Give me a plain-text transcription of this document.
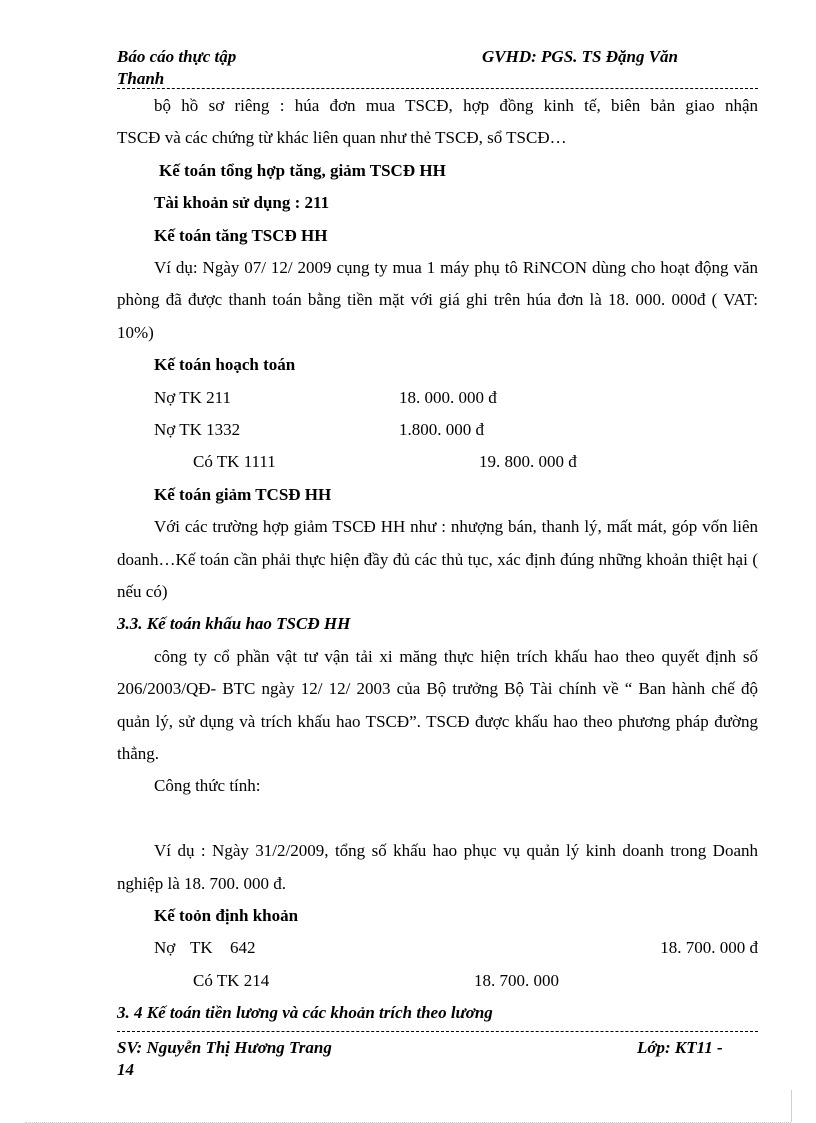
Báo cáo thực tập	GVHD: PGS. TS Đặng Văn
Thanh
bộ hồ sơ riêng : húa đơn mua TSCĐ, hợp đồng kinh tế, biên bản giao nhận

TSCĐ và các chứng từ khác liên quan như thẻ TSCĐ, sổ TSCĐ…

Kế toán tổng hợp tăng, giảm TSCĐ HH

Tài khoản sử dụng : 211

Kế toán tăng TSCĐ HH

Ví dụ: Ngày 07/ 12/ 2009 cụng ty mua 1 máy phụ tô RiNCON dùng cho hoạt động văn phòng đã được thanh toán bằng tiền mặt với giá ghi trên húa đơn là 18. 000. 000đ ( VAT: 10%)

Kế toán hoạch toán

Nợ TK 211	18. 000. 000 đ
Nợ TK 1332	1.800. 000 đ
Có TK 1111	19. 800. 000 đ

Kế toán giảm TCSĐ HH

Với các trường hợp giảm TSCĐ HH như : nhượng bán, thanh lý, mất mát, góp vốn liên doanh…Kế toán cần phải thực hiện đầy đủ các thủ tục, xác định đúng những khoản thiệt hại ( nếu có)

3.3. Kế toán khấu hao TSCĐ HH

công ty cổ phần vật tư vận tải xi măng thực hiện trích khấu hao theo quyết định số 206/2003/QĐ- BTC ngày 12/ 12/ 2003 của Bộ trưởng Bộ Tài chính về “ Ban hành chế độ quản lý, sử dụng và trích khấu hao TSCĐ”. TSCĐ được khấu hao theo phương pháp đường thẳng.

Công thức tính:

Ví dụ : Ngày 31/2/2009, tổng số khấu hao phục vụ quản lý kinh doanh trong Doanh nghiệp là 18. 700. 000 đ.

Kế toỏn định khoản

Nợ TK 642	18. 700. 000 đ
Có TK 214	18. 700. 000

3. 4 Kế toán tiền lương và các khoản trích theo lương

SV: Nguyễn Thị Hương Trang	Lớp: KT11 -
14
